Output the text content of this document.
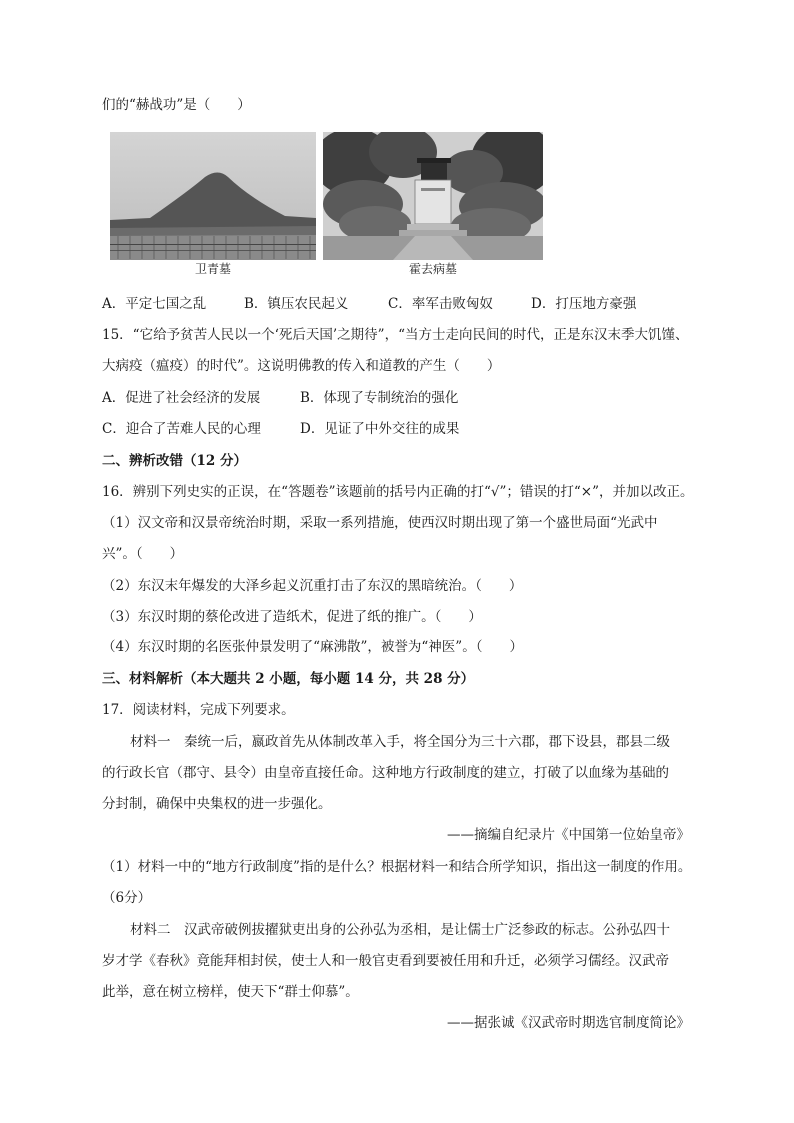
们的“赫战功”是（　　）
卫青墓	霍去病墓
A．平定七国之乱	B．镇压农民起义	C．率军击败匈奴	D．打压地方豪强
15．“它给予贫苦人民以一个‘死后天国’之期待”，“当方士走向民间的时代，正是东汉末季大饥馑、
大病疫（瘟疫）的时代”。这说明佛教的传入和道教的产生（　　）
A．促进了社会经济的发展	B．体现了专制统治的强化
C．迎合了苦难人民的心理	D．见证了中外交往的成果
二、辨析改错（12 分）
16．辨别下列史实的正误，在“答题卷”该题前的括号内正确的打“√”；错误的打“×”，并加以改正。
（1）汉文帝和汉景帝统治时期，采取一系列措施，使西汉时期出现了第一个盛世局面“光武中
兴”。（　　）
（2）东汉末年爆发的大泽乡起义沉重打击了东汉的黑暗统治。（　　）
（3）东汉时期的蔡伦改进了造纸术，促进了纸的推广。（　　）
（4）东汉时期的名医张仲景发明了“麻沸散”，被誉为“神医”。（　　）
三、材料解析（本大题共 2 小题，每小题 14 分，共 28 分）
17．阅读材料，完成下列要求。
材料一　秦统一后，嬴政首先从体制改革入手，将全国分为三十六郡，郡下设县，郡县二级
的行政长官（郡守、县令）由皇帝直接任命。这种地方行政制度的建立，打破了以血缘为基础的
分封制，确保中央集权的进一步强化。
——摘编自纪录片《中国第一位始皇帝》
（1）材料一中的“地方行政制度”指的是什么？根据材料一和结合所学知识，指出这一制度的作用。
（6分）
材料二　汉武帝破例拔擢狱吏出身的公孙弘为丞相，是让儒士广泛参政的标志。公孙弘四十
岁才学《春秋》竟能拜相封侯，使士人和一般官吏看到要被任用和升迁，必须学习儒经。汉武帝
此举，意在树立榜样，使天下“群士仰慕”。
——据张诚《汉武帝时期选官制度简论》
